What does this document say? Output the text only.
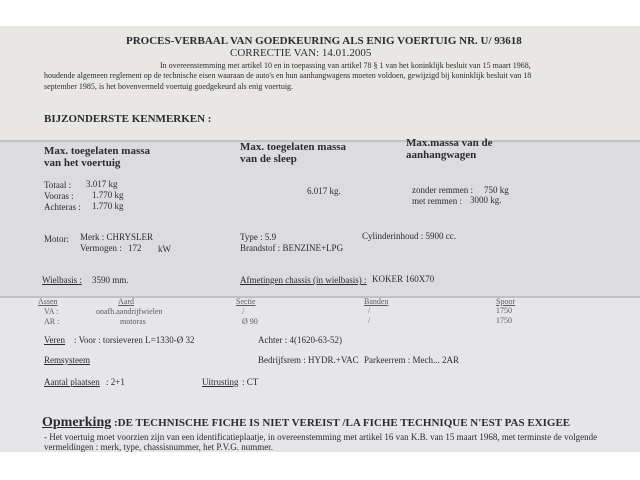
PROCES-VERBAAL VAN GOEDKEURING ALS ENIG VOERTUIG NR. U/ 93618
CORRECTIE VAN: 14.01.2005
In overeenstemming met artikel 10 en in toepassing van artikel 78 § 1 van het koninklijk besluit van 15 maart 1968,
houdende algemeen reglement op de technische eisen waaraan de auto's en hun aanhangwagens moeten voldoen, gewijzigd bij koninklijk besluit van 18
september 1985, is het bovenvermeld voertuig goedgekeurd als enig voertuig.
BIJZONDERSTE KENMERKEN :
Max. toegelaten massa
van het voertuig
Max. toegelaten massa
van de sleep
Max.massa van de
aanhangwagen
Totaal : 3.017 kg
Vooras : 1.770 kg
Achteras : 1.770 kg
6.017 kg.	zonder remmen : 750 kg
met remmen : 3000 kg.
Motor: Merk : CHRYSLER
Vermogen : 172 kW
Type : 5.9
Brandstof : BENZINE+LPG
Cylinderinhoud : 5900 cc.
Wielbasis : 3590 mm.	Afmetingen chassis (in wielbasis) : KOKER 160X70
Assen	Aard	Sectie	Banden	Spoor
VA :	onafh.aandrijfwielen	/	/	1750
AR :	motoras	Ø 90	/	1750
Veren : Voor : torsieveren L=1330-Ø 32	Achter : 4(1620-63-52)
Remsysteem	Bedrijfsrem : HYDR.+VAC Parkeerrem : Mech... 2AR
Aantal plaatsen : 2+1	Uitrusting : CT
Opmerking :DE TECHNISCHE FICHE IS NIET VEREIST /LA FICHE TECHNIQUE N'EST PAS EXIGEE
- Het voertuig moet voorzien zijn van een identificatieplaatje, in overeenstemming met artikel 16 van K.B. van 15 maart 1968, met terminste de volgende
vermeldingen : merk, type, chassisnummer, het P.V.G. nummer.
